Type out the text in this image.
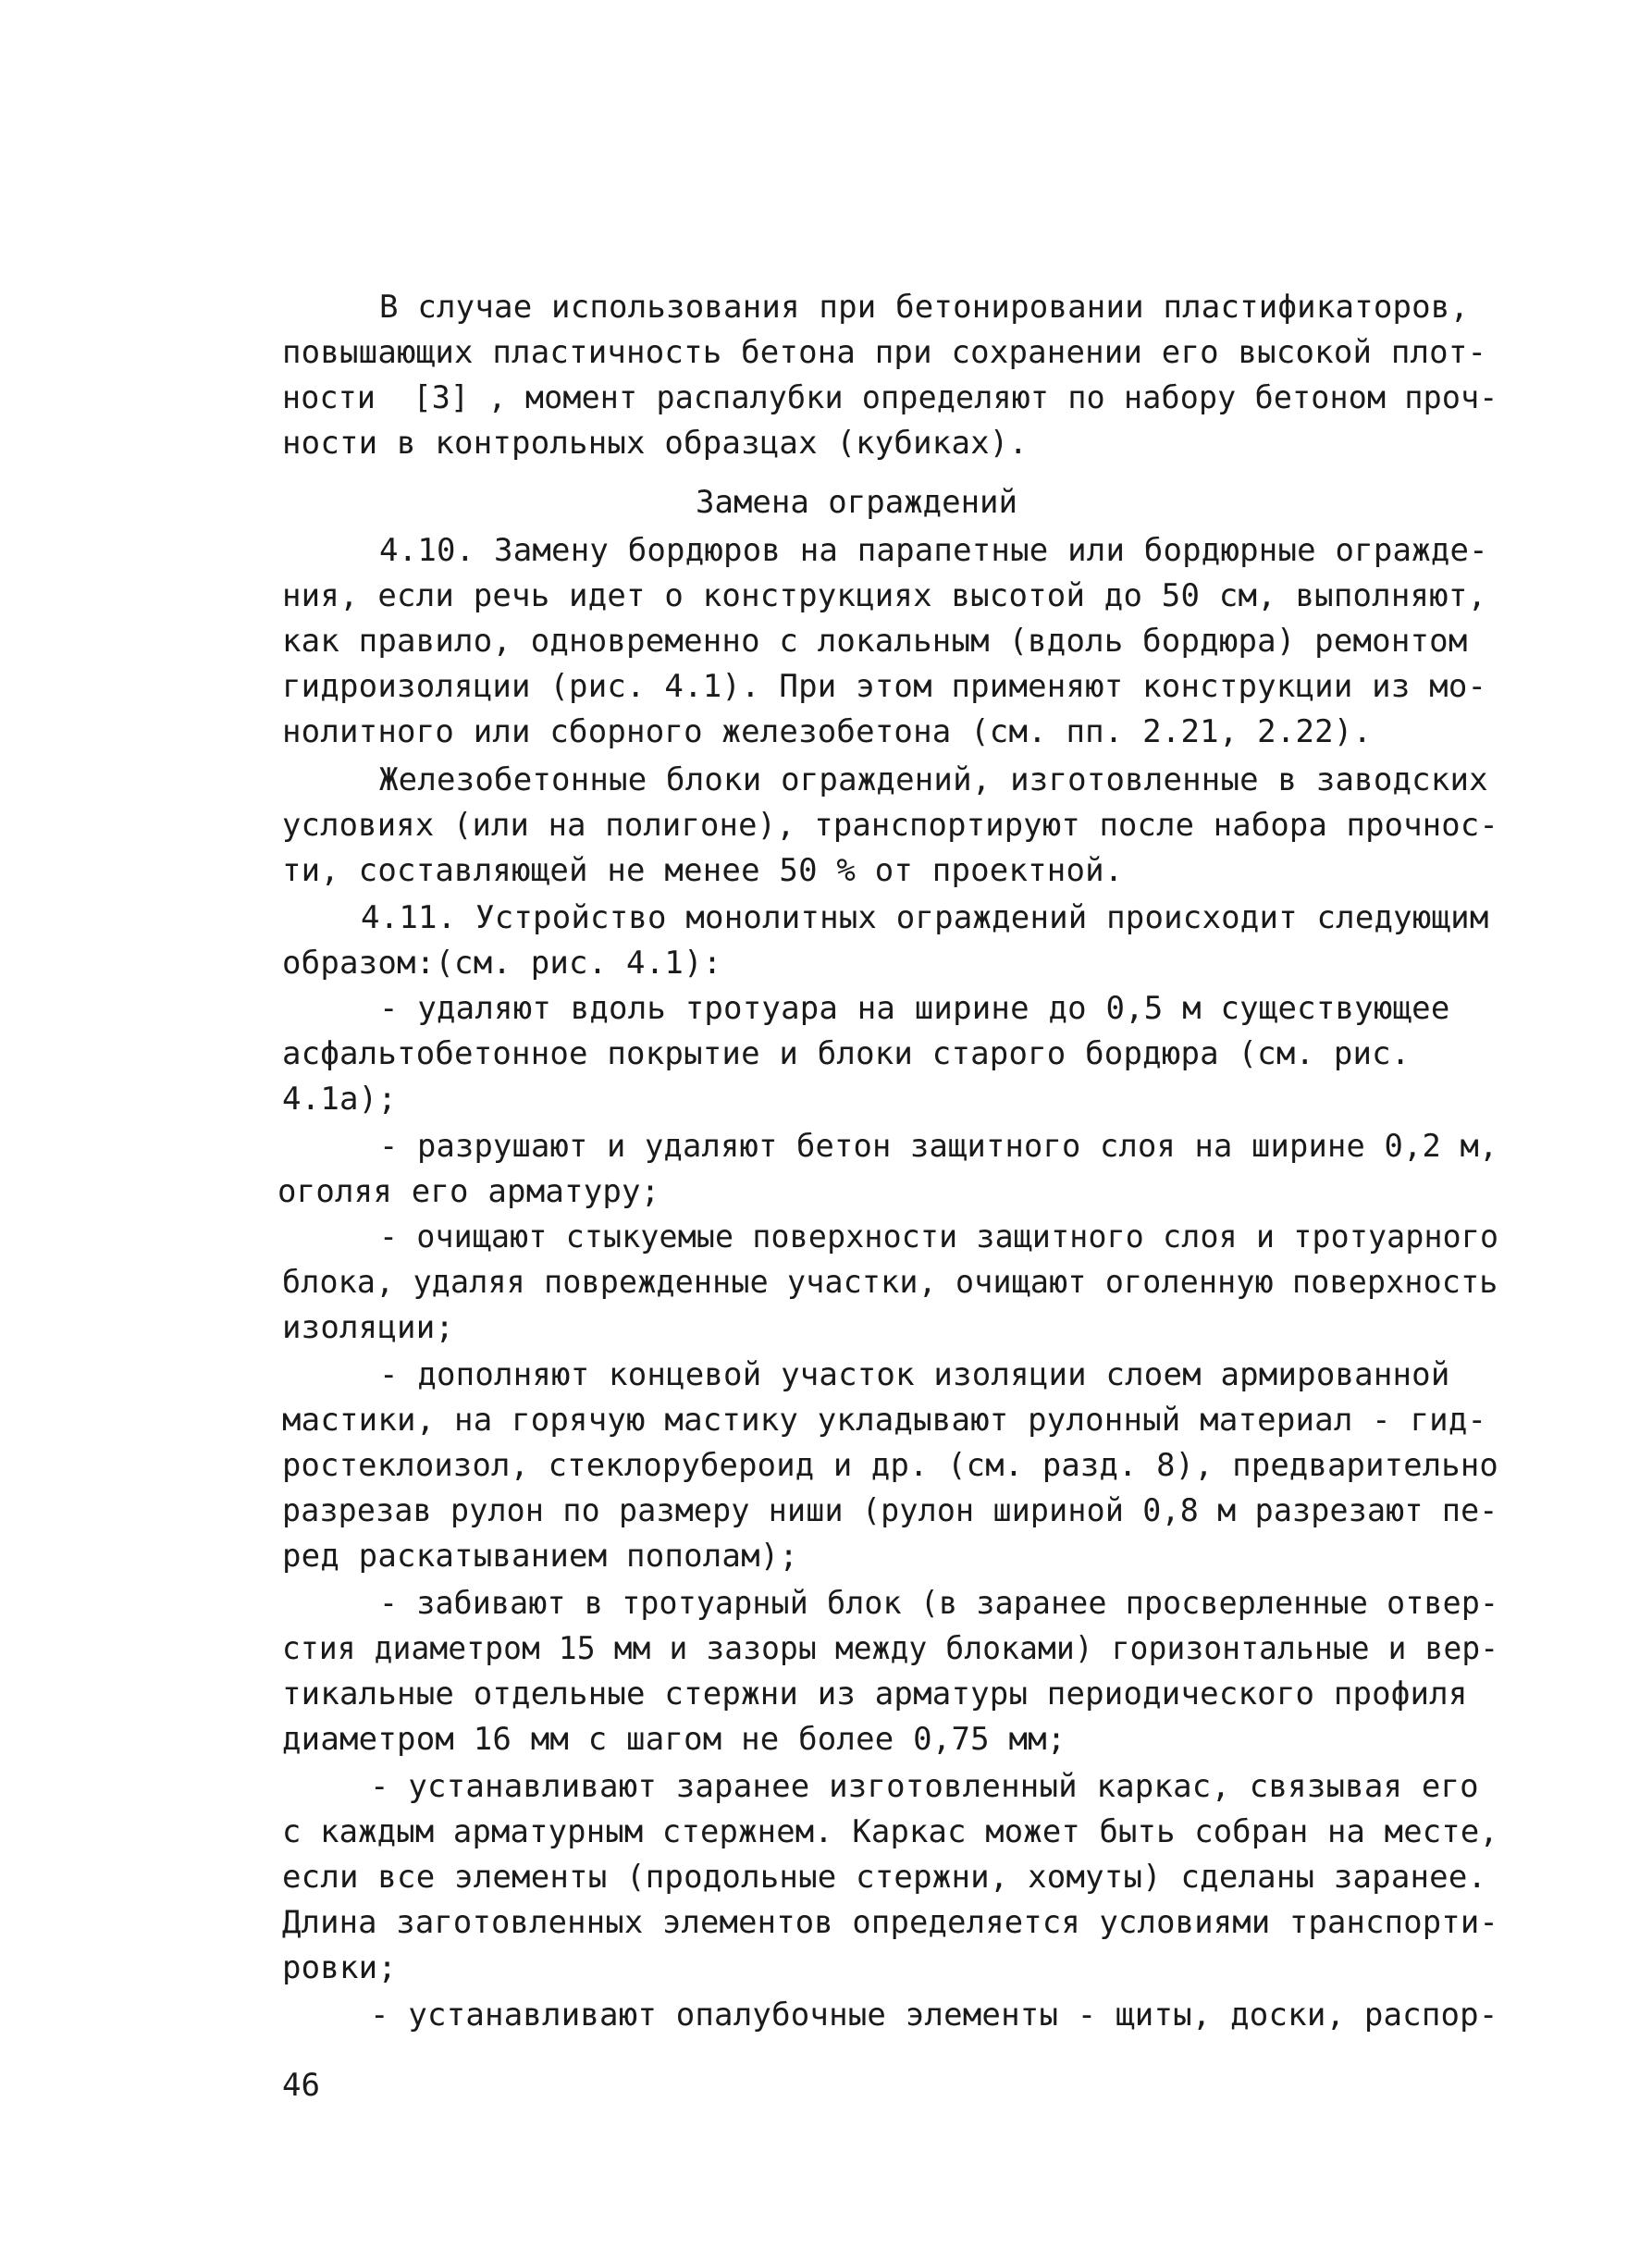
В случае использования при бетонировании пластификаторов,
повышающих пластичность бетона при сохранении его высокой плот-
ности  [3] , момент распалубки определяют по набору бетоном проч-
ности в контрольных образцах (кубиках).
Замена ограждений
4.10. Замену бордюров на парапетные или бордюрные огражде-
ния, если речь идет о конструкциях высотой до 50 см, выполняют,
как правило, одновременно с локальным (вдоль бордюра) ремонтом
гидроизоляции (рис. 4.1). При этом применяют конструкции из мо-
нолитного или сборного железобетона (см. пп. 2.21, 2.22).
Железобетонные блоки ограждений, изготовленные в заводских
условиях (или на полигоне), транспортируют после набора прочнос-
ти, составляющей не менее 50 % от проектной.
4.11. Устройство монолитных ограждений происходит следующим
образом:(см. рис. 4.1):
- удаляют вдоль тротуара на ширине до 0,5 м существующее
асфальтобетонное покрытие и блоки старого бордюра (см. рис.
4.1а);
- разрушают и удаляют бетон защитного слоя на ширине 0,2 м,
оголяя его арматуру;
- очищают стыкуемые поверхности защитного слоя и тротуарного
блока, удаляя поврежденные участки, очищают оголенную поверхность
изоляции;
- дополняют концевой участок изоляции слоем армированной
мастики, на горячую мастику укладывают рулонный материал - гид-
ростеклоизол, стеклорубероид и др. (см. разд. 8), предварительно
разрезав рулон по размеру ниши (рулон шириной 0,8 м разрезают пе-
ред раскатыванием пополам);
- забивают в тротуарный блок (в заранее просверленные отвер-
стия диаметром 15 мм и зазоры между блоками) горизонтальные и вер-
тикальные отдельные стержни из арматуры периодического профиля
диаметром 16 мм с шагом не более 0,75 мм;
- устанавливают заранее изготовленный каркас, связывая его
с каждым арматурным стержнем. Каркас может быть собран на месте,
если все элементы (продольные стержни, хомуты) сделаны заранее.
Длина заготовленных элементов определяется условиями транспорти-
ровки;
- устанавливают опалубочные элементы - щиты, доски, распор-
46
